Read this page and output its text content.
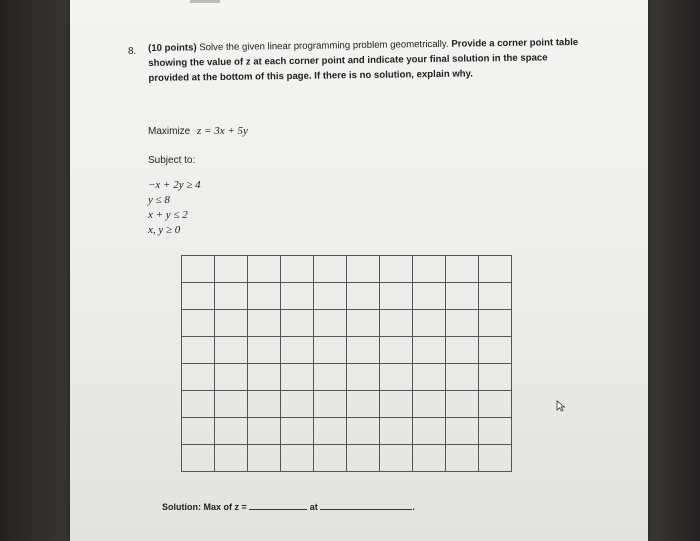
8. (10 points) Solve the given linear programming problem geometrically. Provide a corner point table showing the value of z at each corner point and indicate your final solution in the space provided at the bottom of this page. If there is no solution, explain why.
Maximize z = 3x + 5y
Subject to:
−x + 2y ≥ 4
y ≤ 8
x + y ≤ 2
x, y ≥ 0
Solution: Max of z =	at	.
